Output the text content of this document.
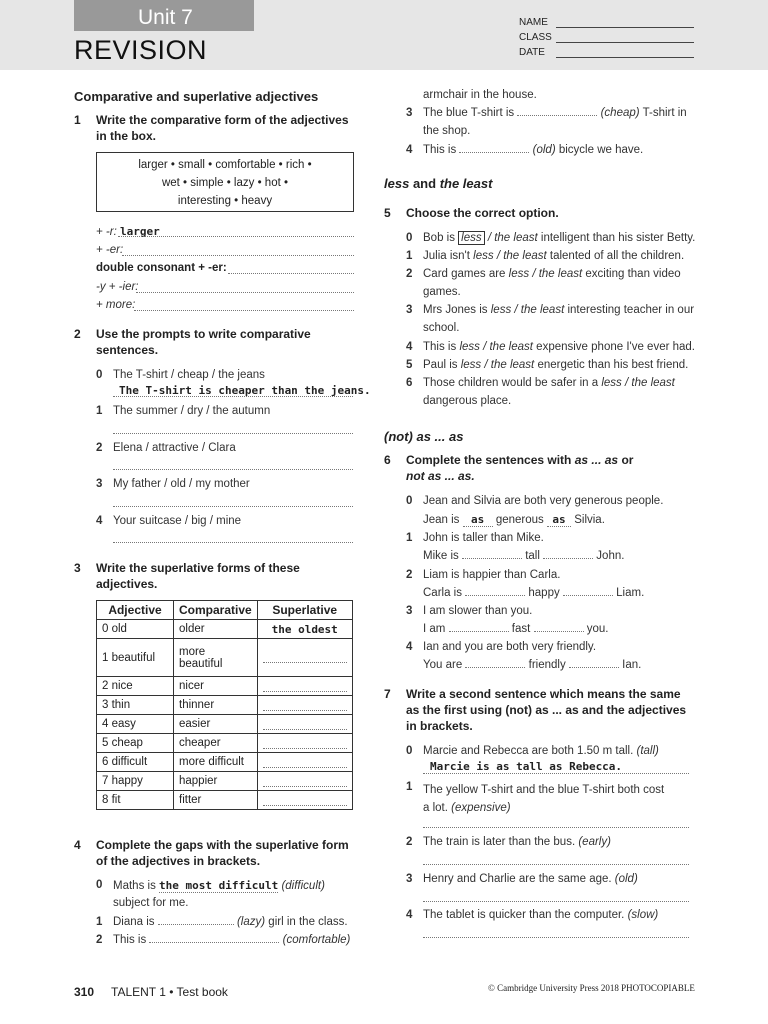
Unit 7
REVISION
NAME
CLASS
DATE
Comparative and superlative adjectives
1 Write the comparative form of the adjectives in the box.
larger • small • comfortable • rich •
wet • simple • lazy • hot •
interesting • heavy
+ -r: larger
+ -er:
double consonant + -er:
-y + -ier:
+ more:
2 Use the prompts to write comparative sentences.
0 The T-shirt / cheap / the jeans
The T-shirt is cheaper than the jeans.
1 The summer / dry / the autumn
2 Elena / attractive / Clara
3 My father / old / my mother
4 Your suitcase / big / mine
3 Write the superlative forms of these adjectives.
Adjective	Comparative	Superlative
0 old	older	the oldest
1 beautiful	more beautiful	

2 nice	nicer	

3 thin	thinner	

4 easy	easier	

5 cheap	cheaper	

6 difficult	more difficult	

7 happy	happier	

8 fit	fitter	
4 Complete the gaps with the superlative form of the adjectives in brackets.
0 Maths is the most difficult (difficult)
subject for me.
1 Diana is	(lazy) girl in the class.
2 This is	(comfortable)
armchair in the house.
3 The blue T-shirt is	(cheap) T-shirt in
the shop.
4 This is	(old) bicycle we have.
less and the least
5 Choose the correct option.
0 Bob is less / the least intelligent than his sister Betty.
1 Julia isn't less / the least talented of all the children.
2 Card games are less / the least exciting than video
3 Mrs Jones is less / the least interesting teacher in our
4 This is less / the least expensive phone I've ever had.
5 Paul is less / the least energetic than his best friend.
6 Those children would be safer in a less / the least
games.
school.
dangerous place.
(not) as ... as
6 Complete the sentences with as ... as or
not as ... as.
0 Jean and Silvia are both very generous people.
Jean is as generous as Silvia.
1 John is taller than Mike.
Mike is	tall	John.
2 Liam is happier than Carla.
Carla is	happy	Liam.
3 I am slower than you.
I am	fast	you.
4 Ian and you are both very friendly.
You are	friendly	Ian.
7 Write a second sentence which means the same
as the first using (not) as ... as and the adjectives
in brackets.
0 Marcie and Rebecca are both 1.50 m tall. (tall)
Marcie is as tall as Rebecca.
1 The yellow T-shirt and the blue T-shirt both cost
a lot. (expensive)
2 The train is later than the bus. (early)
3 Henry and Charlie are the same age. (old)
4 The tablet is quicker than the computer. (slow)
310 TALENT 1 • Test book	© Cambridge University Press 2018 PHOTOCOPIABLE
